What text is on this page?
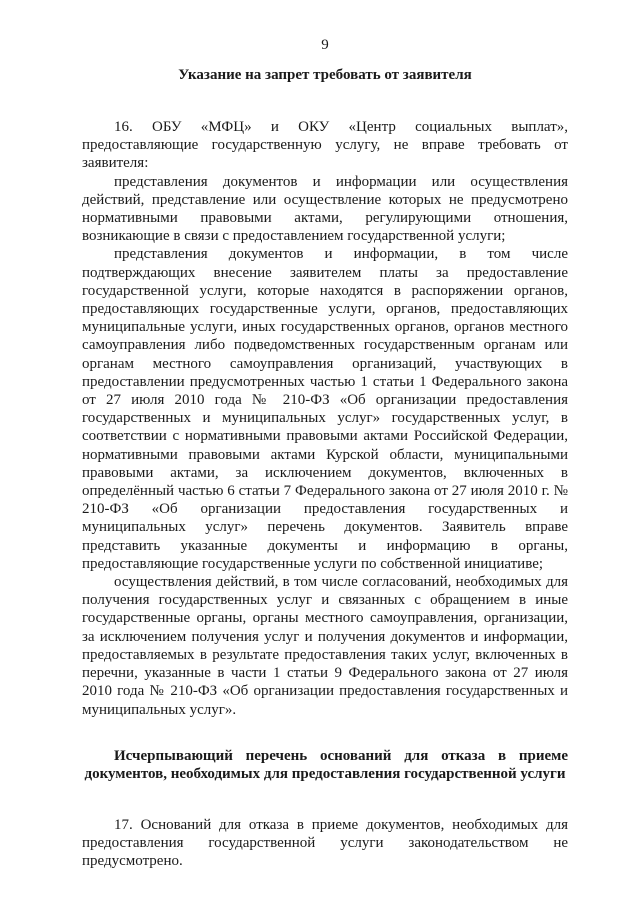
9

Указание на запрет требовать от заявителя

16. ОБУ «МФЦ» и ОКУ «Центр социальных выплат», предоставляющие государственную услугу, не вправе требовать от заявителя:

представления документов и информации или осуществления действий, представление или осуществление которых не предусмотрено нормативными правовыми актами, регулирующими отношения, возникающие в связи с предоставлением государственной услуги;

представления документов и информации, в том числе подтверждающих внесение заявителем платы за предоставление государственной услуги, которые находятся в распоряжении органов, предоставляющих государственные услуги, органов, предоставляющих муниципальные услуги, иных государственных органов, органов местного самоуправления либо подведомственных государственным органам или органам местного самоуправления организаций, участвующих в предоставлении предусмотренных частью 1 статьи 1 Федерального закона от 27 июля 2010 года № 210-ФЗ «Об организации предоставления государственных и муниципальных услуг» государственных услуг, в соответствии с нормативными правовыми актами Российской Федерации, нормативными правовыми актами Курской области, муниципальными правовыми актами, за исключением документов, включенных в определённый частью 6 статьи 7 Федерального закона от 27 июля 2010 г. № 210-ФЗ «Об организации предоставления государственных и муниципальных услуг» перечень документов. Заявитель вправе представить указанные документы и информацию в органы, предоставляющие государственные услуги по собственной инициативе;

осуществления действий, в том числе согласований, необходимых для получения государственных услуг и связанных с обращением в иные государственные органы, органы местного самоуправления, организации, за исключением получения услуг и получения документов и информации, предоставляемых в результате предоставления таких услуг, включенных в перечни, указанные в части 1 статьи 9 Федерального закона от 27 июля 2010 года № 210-ФЗ «Об организации предоставления государственных и муниципальных услуг».

Исчерпывающий перечень оснований для отказа в приеме документов, необходимых для предоставления государственной услуги

17. Оснований для отказа в приеме документов, необходимых для предоставления государственной услуги законодательством не предусмотрено.
